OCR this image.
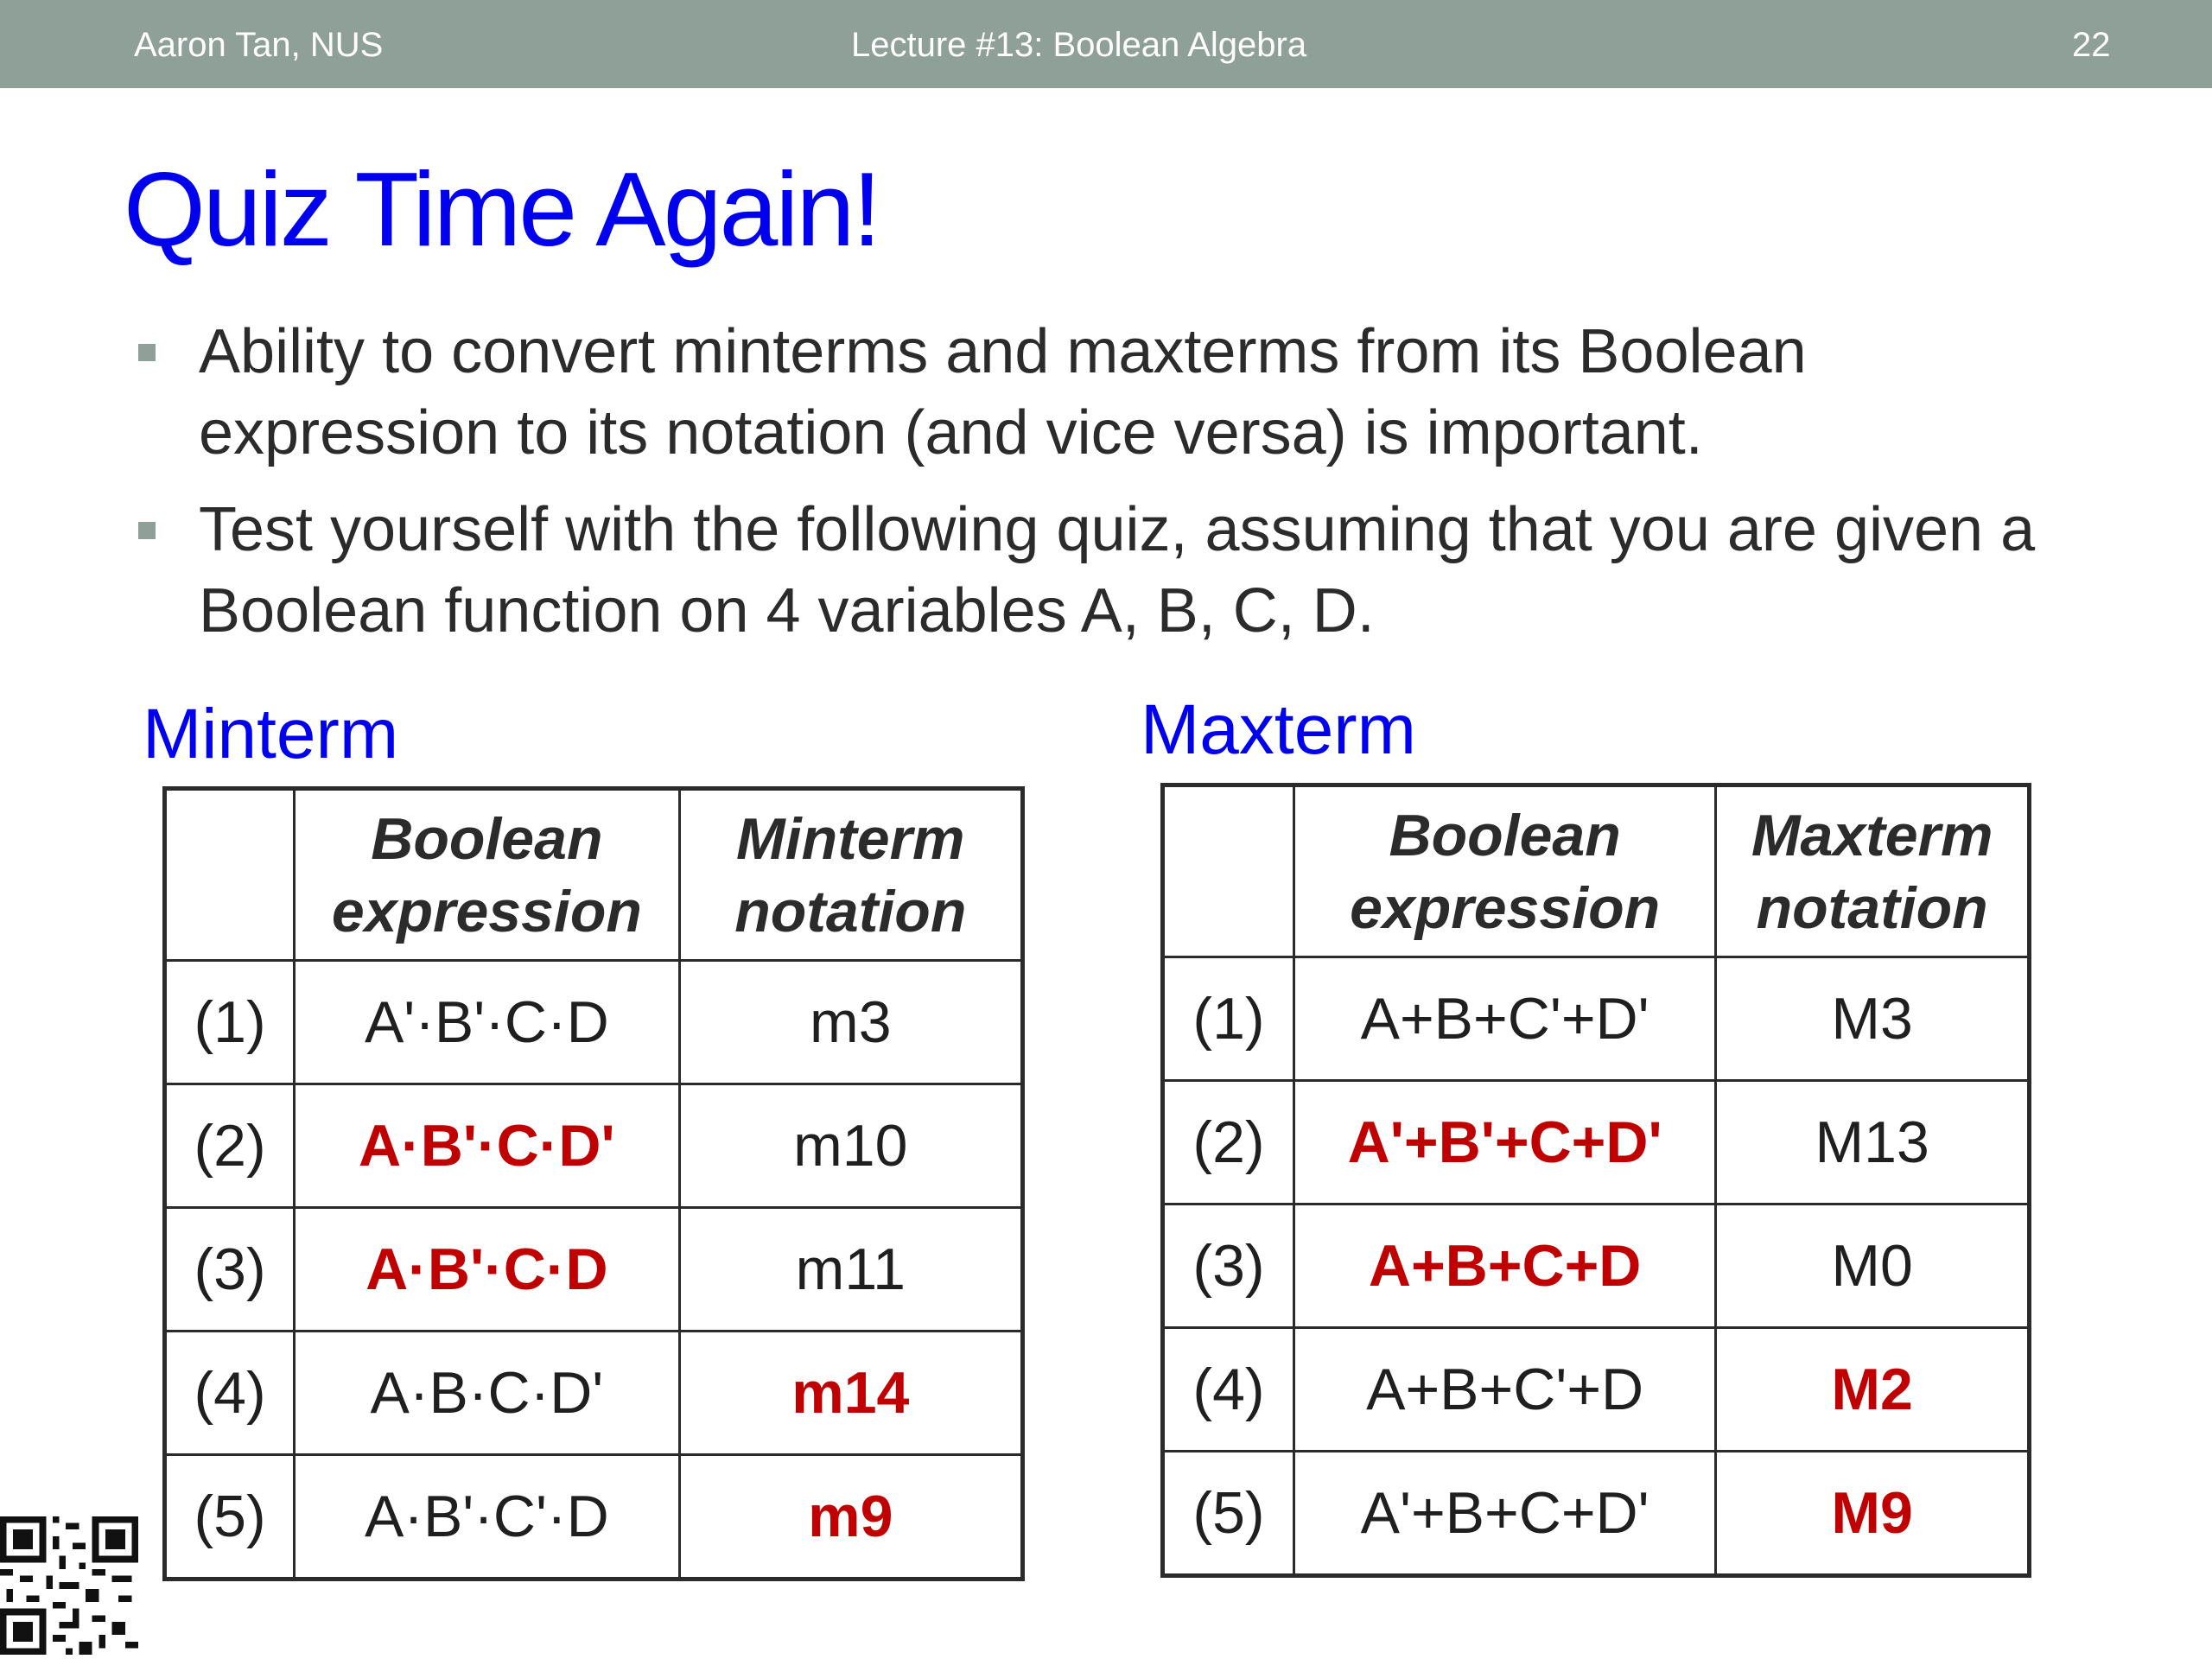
Aaron Tan, NUS	Lecture #13: Boolean Algebra	22
Quiz Time Again!
Ability to convert minterms and maxterms from its Boolean expression to its notation (and vice versa) is important.
Test yourself with the following quiz, assuming that you are given a Boolean function on 4 variables A, B, C, D.
Minterm	Maxterm
	Boolean expression	Minterm notation
(1)	A'·B'·C·D	m3
(2)	A·B'·C·D'	m10
(3)	A·B'·C·D	m11
(4)	A·B·C·D'	m14
(5)	A·B'·C'·D	m9
	Boolean expression	Maxterm notation
(1)	A+B+C'+D'	M3
(2)	A'+B'+C+D'	M13
(3)	A+B+C+D	M0
(4)	A+B+C'+D	M2
(5)	A'+B+C+D'	M9
